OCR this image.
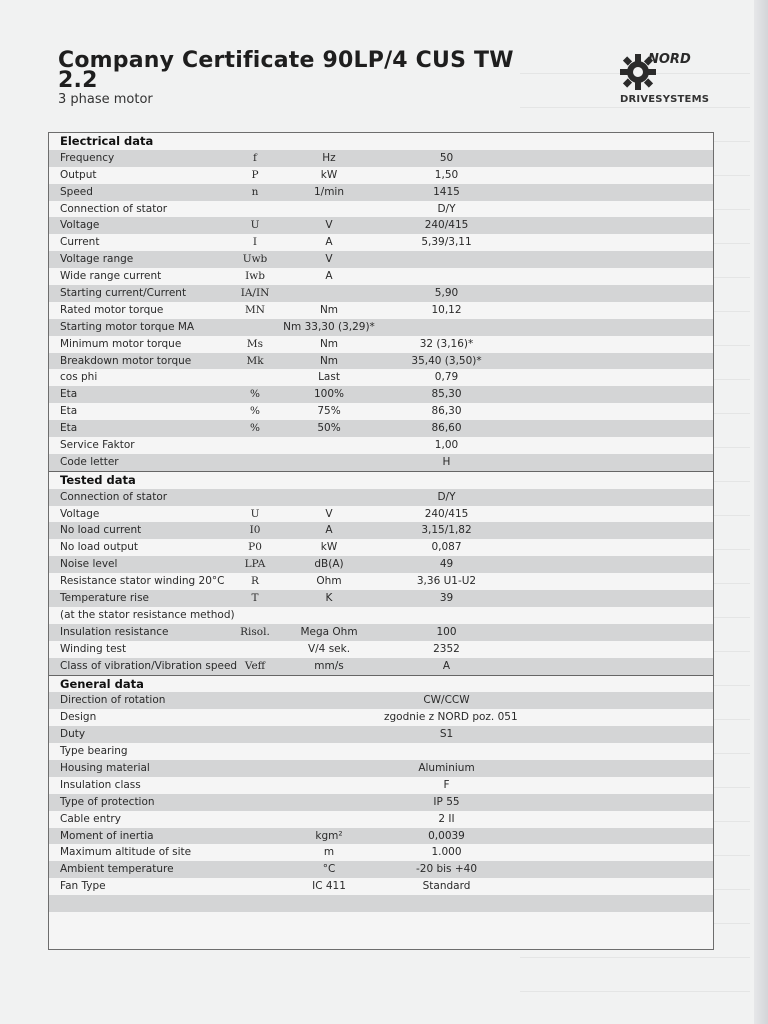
Company Certificate 90LP/4 CUS TW
2.2
3 phase motor
NORD
DRIVESYSTEMS
Electrical data
Frequency	f	Hz	50
Output	P	kW	1,50
Speed	n	1/min	1415
Connection of stator	D/Y
Voltage	U	V	240/415
Current	I	A	5,39/3,11
Voltage range	Uwb	V
Wide range current	Iwb	A
Starting current/Current	IA/IN	5,90
Rated motor torque	MN	Nm	10,12
Starting motor torque MA	Nm 33,30 (3,29)*
Minimum motor torque	Ms	Nm	32 (3,16)*
Breakdown motor torque	Mk	Nm	35,40 (3,50)*
cos phi	Last	0,79
Eta	%	100%	85,30
Eta	%	75%	86,30
Eta	%	50%	86,60
Service Faktor	1,00
Code letter	H
Tested data
Connection of stator	D/Y
Voltage	U	V	240/415
No load current	I0	A	3,15/1,82
No load output	P0	kW	0,087
Noise level	LPA	dB(A)	49
Resistance stator winding 20°C	R	Ohm	3,36 U1-U2
Temperature rise	T	K	39
(at the stator resistance method)
Insulation resistance	Risol.	Mega Ohm	100
Winding test	V/4 sek.	2352
Class of vibration/Vibration speed Veff	mm/s	A
General data
Direction of rotation	CW/CCW
Design	zgodnie z NORD poz. 051
Duty	S1
Type bearing
Housing material	Aluminium
Insulation class	F
Type of protection	IP 55
Cable entry	2 II
Moment of inertia	kgm²	0,0039
Maximum altitude of site	m	1.000
Ambient temperature	°C	-20 bis +40
Fan Type	IC 411	Standard
